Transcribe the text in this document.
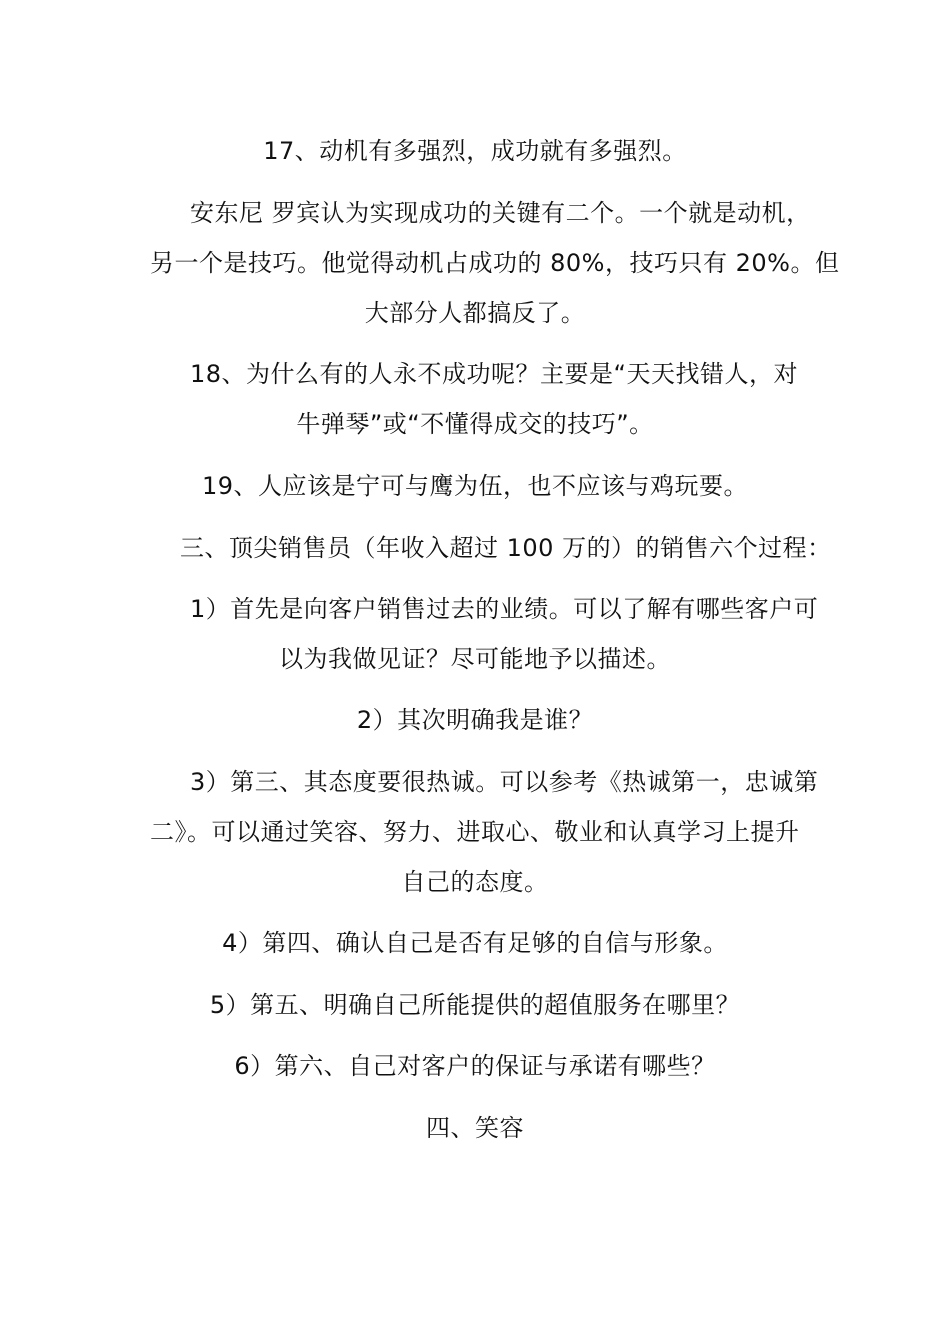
17、动机有多强烈，成功就有多强烈。
安东尼 罗宾认为实现成功的关键有二个。一个就是动机，
另一个是技巧。他觉得动机占成功的 80%，技巧只有 20%。但
大部分人都搞反了。
18、为什么有的人永不成功呢？主要是“天天找错人，对
牛弹琴”或“不懂得成交的技巧”。
19、人应该是宁可与鹰为伍，也不应该与鸡玩要。
三、顶尖销售员（年收入超过 100 万的）的销售六个过程：
1）首先是向客户销售过去的业绩。可以了解有哪些客户可
以为我做见证？尽可能地予以描述。
2）其次明确我是谁？
3）第三、其态度要很热诚。可以参考《热诚第一，忠诚第
二》。可以通过笑容、努力、进取心、敬业和认真学习上提升
自己的态度。
4）第四、确认自己是否有足够的自信与形象。
5）第五、明确自己所能提供的超值服务在哪里？
6）第六、自己对客户的保证与承诺有哪些？
四、笑容
